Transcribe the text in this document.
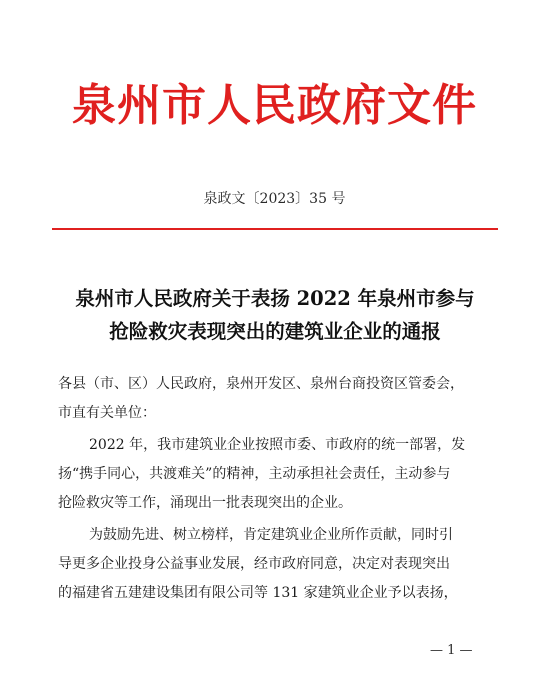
泉州市人民政府文件
泉政文〔2023〕35 号
泉州市人民政府关于表扬 2022 年泉州市参与
抢险救灾表现突出的建筑业企业的通报

各县（市、区）人民政府，泉州开发区、泉州台商投资区管委会，

市直有关单位：

2022 年，我市建筑业企业按照市委、市政府的统一部署，发

扬“携手同心，共渡难关”的精神，主动承担社会责任，主动参与

抢险救灾等工作，涌现出一批表现突出的企业。

为鼓励先进、树立榜样，肯定建筑业企业所作贡献，同时引

导更多企业投身公益事业发展，经市政府同意，决定对表现突出

的福建省五建建设集团有限公司等 131 家建筑业企业予以表扬，

— 1 —
